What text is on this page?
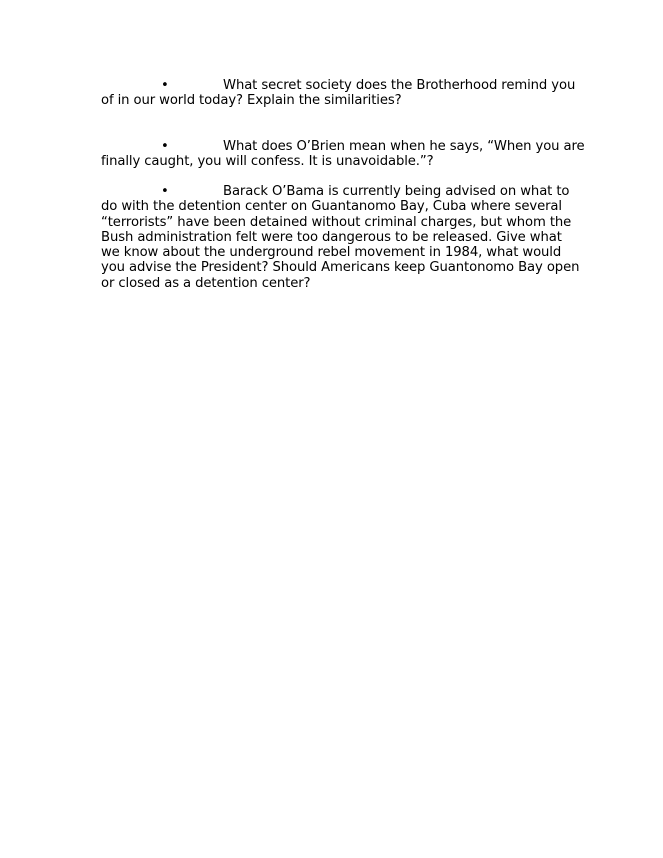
•	What secret society does the Brotherhood remind you
of in our world today? Explain the similarities?
•	What does O’Brien mean when he says, “When you are
finally caught, you will confess. It is unavoidable.”?
•	Barack O’Bama is currently being advised on what to
do with the detention center on Guantanomo Bay, Cuba where several
“terrorists” have been detained without criminal charges, but whom the
Bush administration felt were too dangerous to be released. Give what
we know about the underground rebel movement in 1984, what would
you advise the President? Should Americans keep Guantonomo Bay open
or closed as a detention center?
